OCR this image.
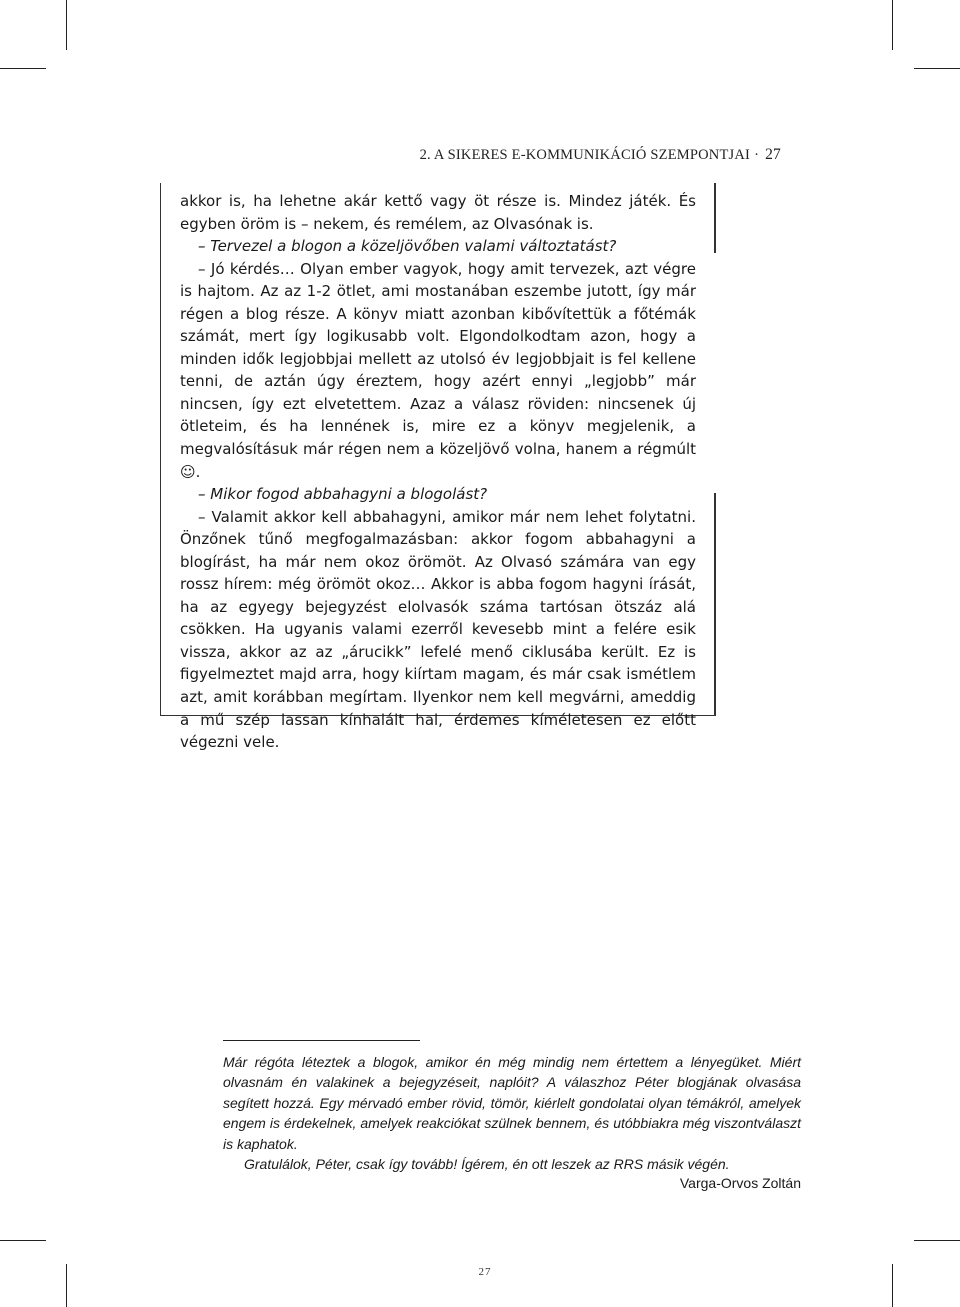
2. A SIKERES E-KOMMUNIKÁCIÓ SZEMPONTJAI · 27

akkor is, ha lehetne akár kettő vagy öt része is. Mindez játék. És egyben öröm is – nekem, és remélem, az Olvasónak is.

– Tervezel a blogon a közeljövőben valami változtatást?

– Jó kérdés… Olyan ember vagyok, hogy amit tervezek, azt végre is hajtom. Az az 1-2 ötlet, ami mostanában eszembe jutott, így már régen a blog része. A könyv miatt azonban kibővítettük a főtémák számát, mert így logikusabb volt. Elgondolkodtam azon, hogy a minden idők legjobbjai mellett az utolsó év legjobbjait is fel kellene tenni, de aztán úgy éreztem, hogy azért ennyi „legjobb” már nincsen, így ezt elvetettem. Azaz a válasz röviden: nincsenek új ötleteim, és ha lennének is, mire ez a könyv megjelenik, a megvalósításuk már régen nem a közeljövő volna, hanem a régmúlt ☺.

– Mikor fogod abbahagyni a blogolást?

– Valamit akkor kell abbahagyni, amikor már nem lehet folytatni. Önzőnek tűnő megfogalmazásban: akkor fogom abbahagyni a blogírást, ha már nem okoz örömöt. Az Olvasó számára van egy rossz hírem: még örömöt okoz… Akkor is abba fogom hagyni írását, ha az egyegy bejegyzést elolvasók száma tartósan ötszáz alá csökken. Ha ugyanis valami ezerről kevesebb mint a felére esik vissza, akkor az az „árucikk” lefelé menő ciklusába került. Ez is figyelmeztet majd arra, hogy kiírtam magam, és már csak ismétlem azt, amit korábban megírtam. Ilyenkor nem kell megvárni, ameddig a mű szép lassan kínhalált hal, érdemes kíméletesen ez előtt végezni vele.

Már régóta léteztek a blogok, amikor én még mindig nem értettem a lényegüket. Miért olvasnám én valakinek a bejegyzéseit, naplóit? A válaszhoz Péter blogjának olvasása segített hozzá. Egy mérvadó ember rövid, tömör, kiérlelt gondolatai olyan témákról, amelyek engem is érdekelnek, amelyek reakciókat szülnek bennem, és utóbbiakra még viszontválaszt is kaphatok.

Gratulálok, Péter, csak így tovább! Ígérem, én ott leszek az RRS másik végén.

Varga-Orvos Zoltán
27
